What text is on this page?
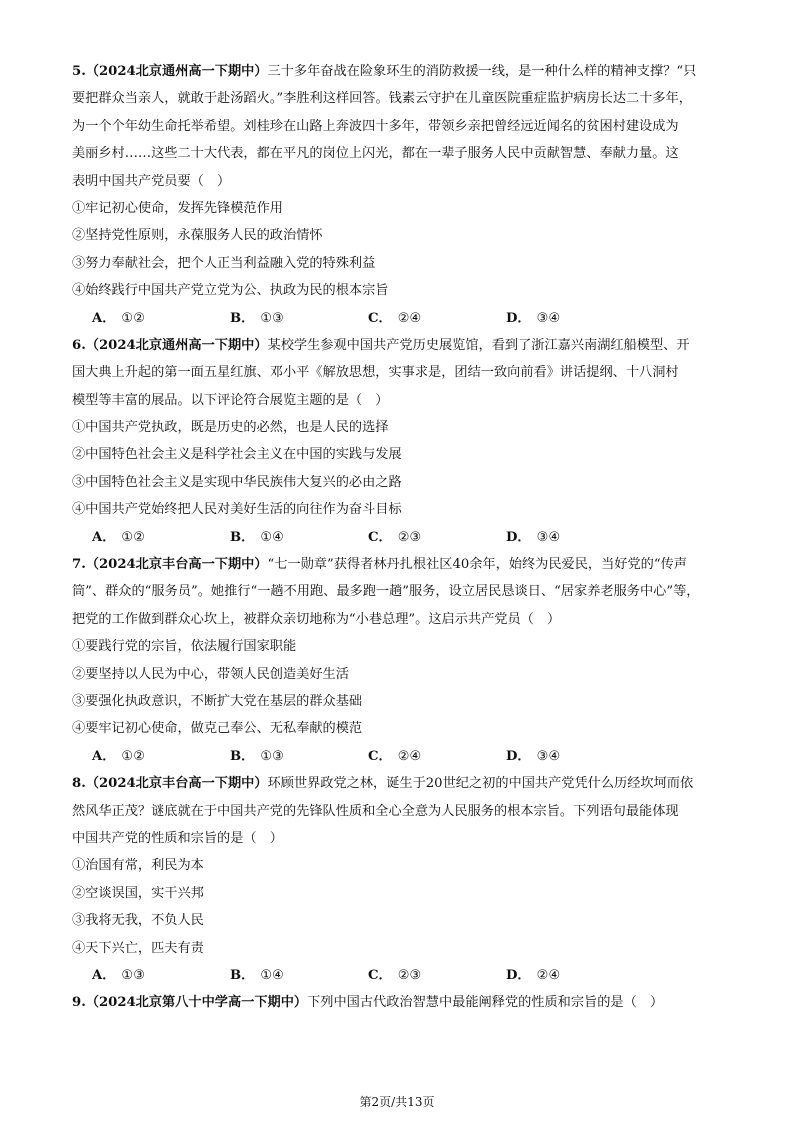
5.（2024北京通州高一下期中）三十多年奋战在险象环生的消防救援一线，是一种什么样的精神支撑？“只
要把群众当亲人，就敢于赴汤蹈火。”李胜利这样回答。钱素云守护在儿童医院重症监护病房长达二十多年，
为一个个年幼生命托举希望。刘桂珍在山路上奔波四十多年，带领乡亲把曾经远近闻名的贫困村建设成为
美丽乡村……这些二十大代表，都在平凡的岗位上闪光，都在一辈子服务人民中贡献智慧、奉献力量。这
表明中国共产党员要（　）
①牢记初心使命，发挥先锋模范作用
②坚持党性原则，永葆服务人民的政治情怀
③努力奉献社会，把个人正当利益融入党的特殊利益
④始终践行中国共产党立党为公、执政为民的根本宗旨
A． ①②	B． ①③	C． ②④	D． ③④
6.（2024北京通州高一下期中）某校学生参观中国共产党历史展览馆，看到了浙江嘉兴南湖红船模型、开
国大典上升起的第一面五星红旗、邓小平《解放思想，实事求是，团结一致向前看》讲话提纲、十八洞村
模型等丰富的展品。以下评论符合展览主题的是（　）
①中国共产党执政，既是历史的必然，也是人民的选择
②中国特色社会主义是科学社会主义在中国的实践与发展
③中国特色社会主义是实现中华民族伟大复兴的必由之路
④中国共产党始终把人民对美好生活的向往作为奋斗目标
A． ①②	B． ①④	C． ②③	D． ③④
7.（2024北京丰台高一下期中）“七一勋章”获得者林丹扎根社区40余年，始终为民爱民，当好党的“传声
筒”、群众的“服务员”。她推行“一趟不用跑、最多跑一趟”服务，设立居民恳谈日、“居家养老服务中心”等，
把党的工作做到群众心坎上，被群众亲切地称为“小巷总理”。这启示共产党员（　）
①要践行党的宗旨，依法履行国家职能
②要坚持以人民为中心，带领人民创造美好生活
③要强化执政意识，不断扩大党在基层的群众基础
④要牢记初心使命，做克己奉公、无私奉献的模范
A． ①②	B． ①③	C． ②④	D． ③④
8.（2024北京丰台高一下期中）环顾世界政党之林，诞生于20世纪之初的中国共产党凭什么历经坎坷而依
然风华正茂？谜底就在于中国共产党的先锋队性质和全心全意为人民服务的根本宗旨。下列语句最能体现
中国共产党的性质和宗旨的是（　）
①治国有常，利民为本
②空谈误国，实干兴邦
③我将无我，不负人民
④天下兴亡，匹夫有责
A． ①③	B． ①④	C． ②③	D． ②④
9.（2024北京第八十中学高一下期中）下列中国古代政治智慧中最能阐释党的性质和宗旨的是（　）
第2页/共13页
